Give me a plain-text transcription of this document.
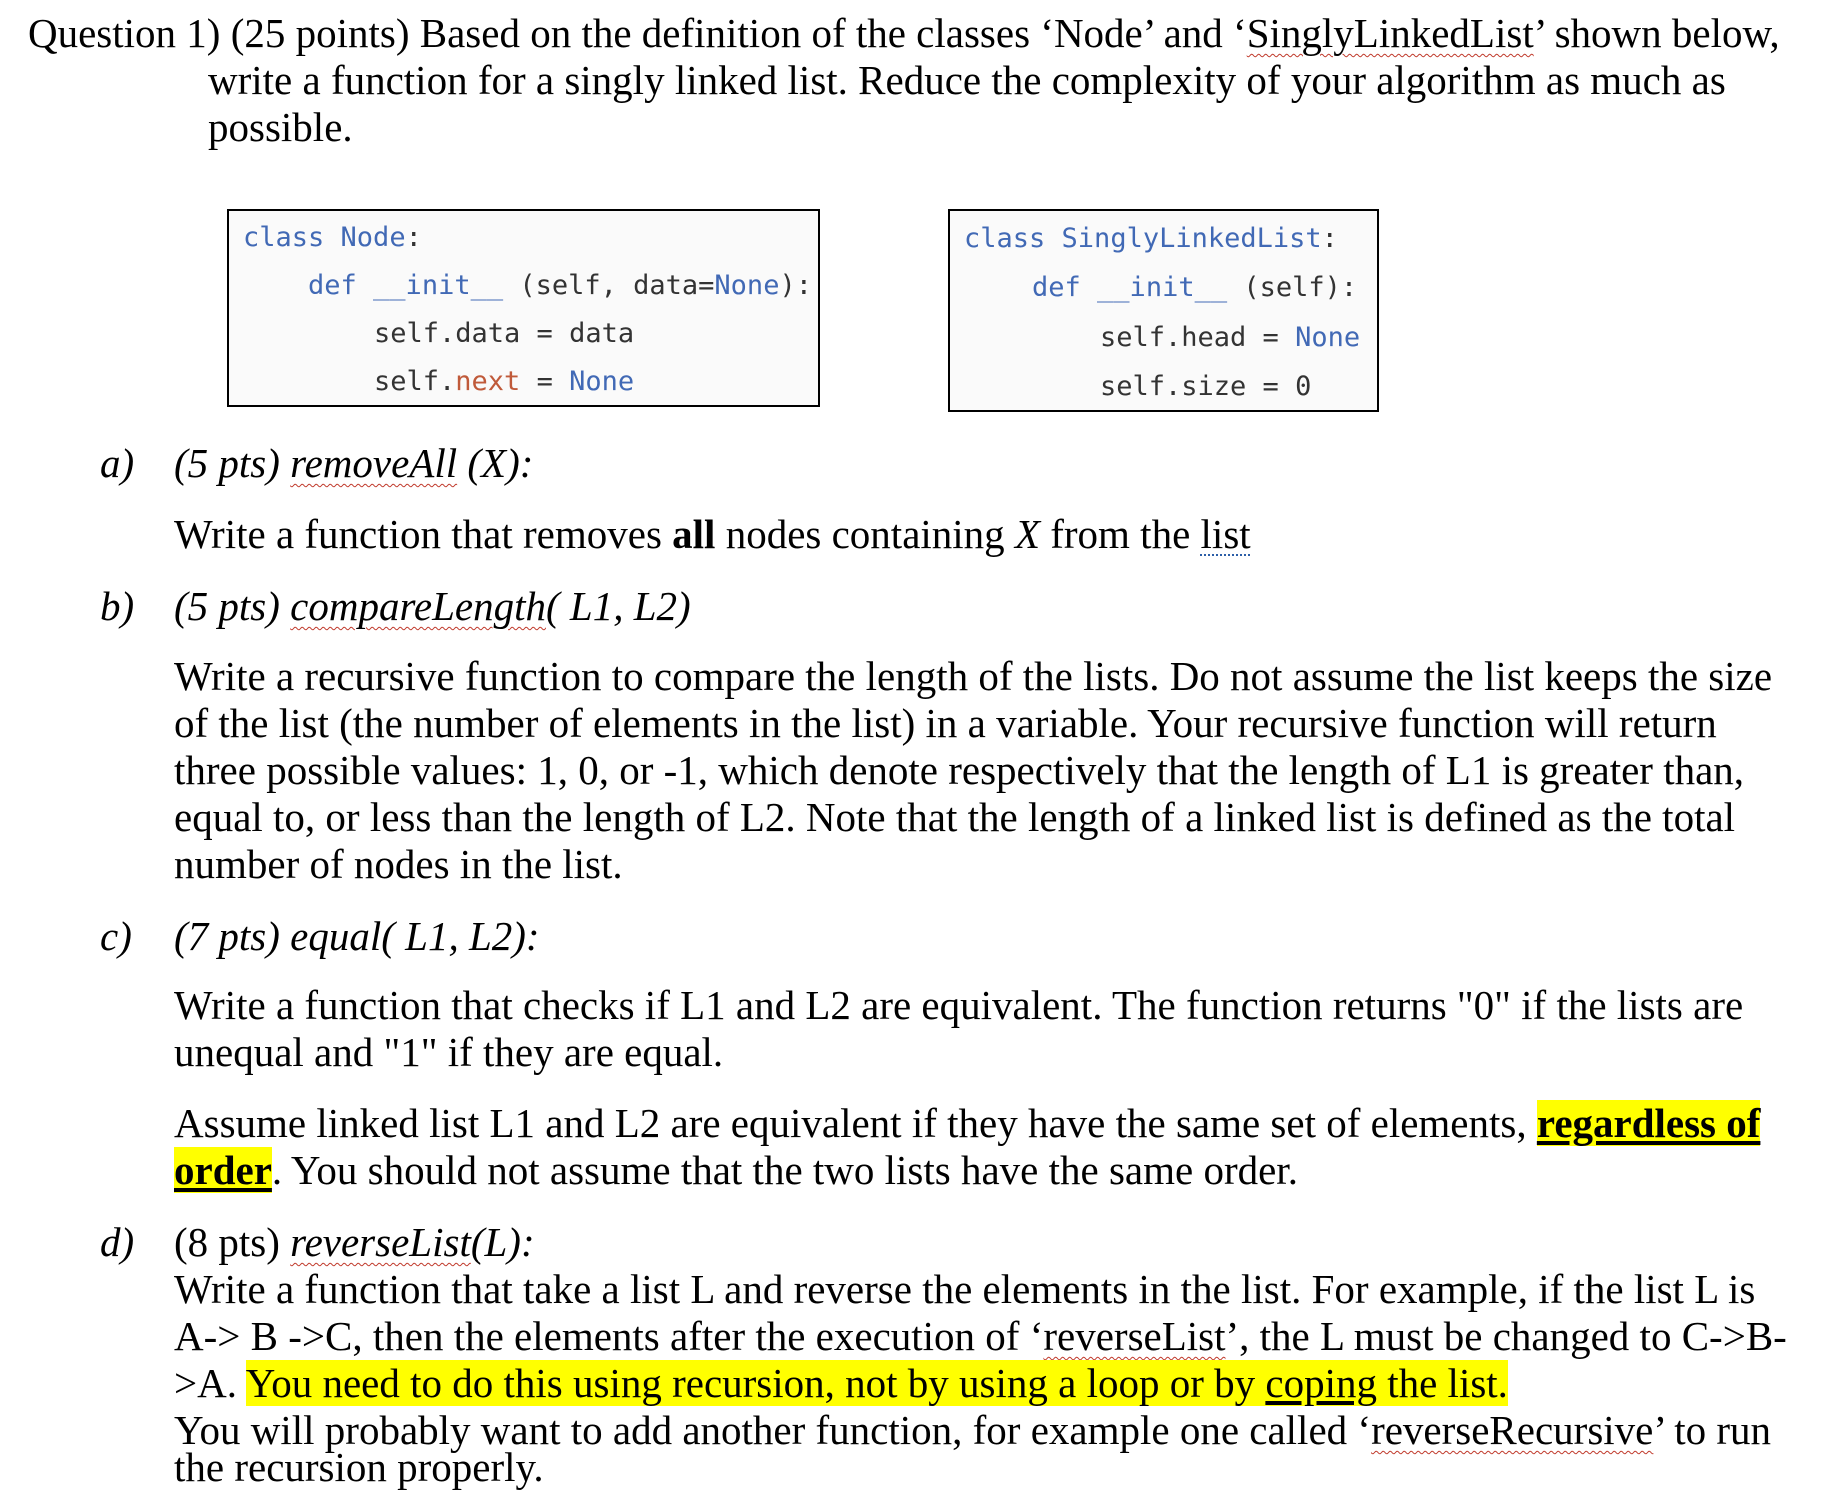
Question 1) (25 points) Based on the definition of the classes ‘Node’ and ‘SinglyLinkedList’ shown below,
write a function for a singly linked list. Reduce the complexity of your algorithm as much as
possible.
class Node:
def __init__ (self, data=None):
self.data = data
self.next = None
class SinglyLinkedList:
def __init__ (self):
self.head = None
self.size = 0
a) (5 pts) removeAll (X):
Write a function that removes all nodes containing X from the list
b) (5 pts) compareLength( L1, L2)
Write a recursive function to compare the length of the lists. Do not assume the list keeps the size
of the list (the number of elements in the list) in a variable. Your recursive function will return
three possible values: 1, 0, or -1, which denote respectively that the length of L1 is greater than,
equal to, or less than the length of L2. Note that the length of a linked list is defined as the total
number of nodes in the list.
c) (7 pts) equal( L1, L2):
Write a function that checks if L1 and L2 are equivalent. The function returns "0" if the lists are
unequal and "1" if they are equal.
Assume linked list L1 and L2 are equivalent if they have the same set of elements, regardless of
order. You should not assume that the two lists have the same order.
d) (8 pts) reverseList(L):
Write a function that take a list L and reverse the elements in the list. For example, if the list L is
A-> B ->C, then the elements after the execution of ‘reverseList’, the L must be changed to C->B-
>A. You need to do this using recursion, not by using a loop or by coping the list.
You will probably want to add another function, for example one called ‘reverseRecursive’ to run
the recursion properly.
